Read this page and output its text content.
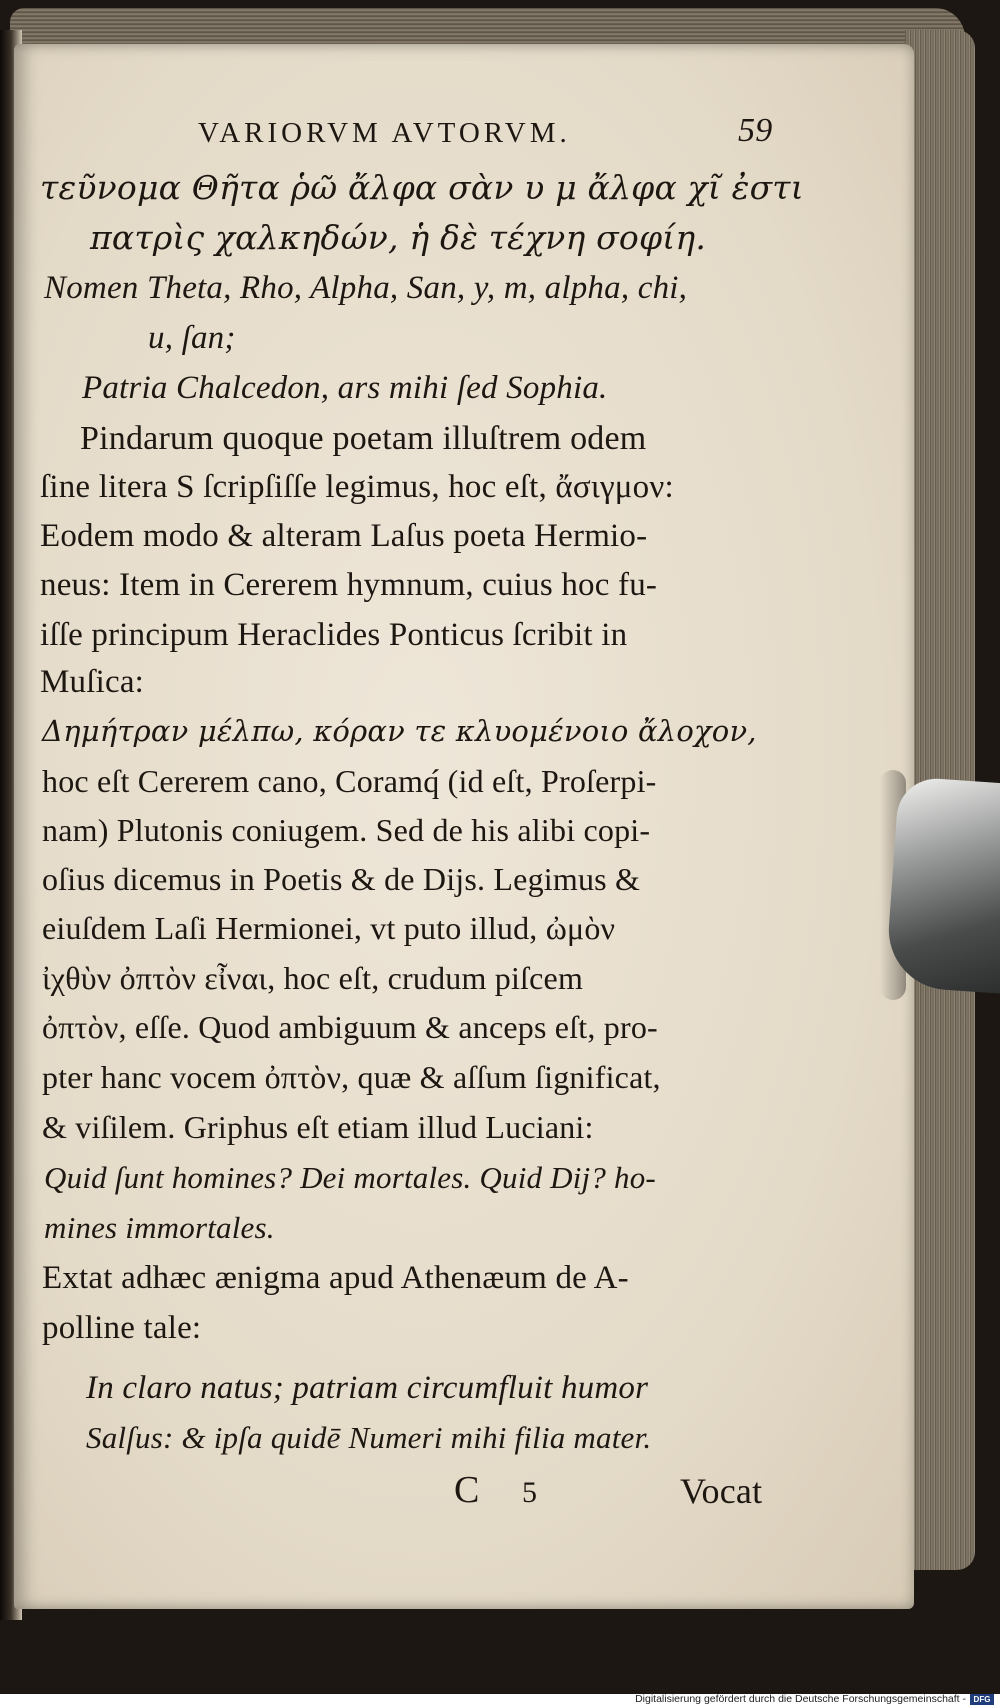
VARIORVM AVTORVM.	59
τεῦνομα Θῆτα ῥῶ ἄλφα σὰν υ μ ἄλφα χῖ ἐστι
πατρὶς χαλκηδών, ἡ δὲ τέχνη σοφίη.
Nomen Theta, Rho, Alpha, San, y, m, alpha, chi,
u, ſan;
Patria Chalcedon, ars mihi ſed Sophia.
Pindarum quoque poetam illuſtrem odem
ſine litera S ſcripſiſſe legimus, hoc eſt, ἄσιγμον:
Eodem modo & alteram Laſus poeta Hermio-
neus: Item in Cererem hymnum, cuius hoc fu-
iſſe principum Heraclides Ponticus ſcribit in
Muſica:
Δημήτραν μέλπω, κόραν τε κλυομένοιο ἄλοχον,
hoc eſt Cererem cano, Coramq́ (id eſt, Proſerpi-
nam) Plutonis coniugem. Sed de his alibi copi-
oſius dicemus in Poetis & de Dijs. Legimus &
eiuſdem Laſi Hermionei, vt puto illud, ὠμὸν
ἰχθὺν ὀπτὸν εἶναι, hoc eſt, crudum piſcem
ὀπτὸν, eſſe. Quod ambiguum & anceps eſt, pro-
pter hanc vocem ὀπτὸν, quæ & aſſum ſignificat,
& viſilem. Griphus eſt etiam illud Luciani:
Quid ſunt homines? Dei mortales. Quid Dij? ho-
mines immortales.
Extat adhæc ænigma apud Athenæum de A-
polline tale:
In claro natus; patriam circumfluit humor
Salſus: & ipſa quidē Numeri mihi filia mater.
C 5	Vocat
Digitalisierung gefördert durch die Deutsche Forschungsgemeinschaft - DFG
